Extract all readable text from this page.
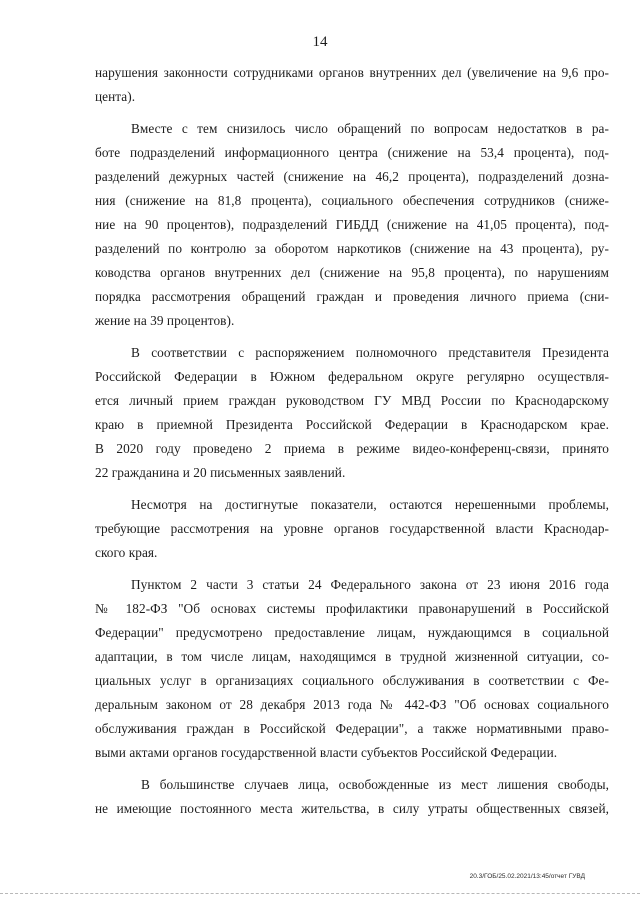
14
нарушения законности сотрудниками органов внутренних дел (увеличение на 9,6 про-
цента).
Вместе с тем снизилось число обращений по вопросам недостатков в ра-
боте подразделений информационного центра (снижение на 53,4 процента), под-
разделений дежурных частей (снижение на 46,2 процента), подразделений дозна-
ния (снижение на 81,8 процента), социального обеспечения сотрудников (сниже-
ние на 90 процентов), подразделений ГИБДД (снижение на 41,05 процента), под-
разделений по контролю за оборотом наркотиков (снижение на 43 процента), ру-
ководства органов внутренних дел (снижение на 95,8 процента), по нарушениям
порядка рассмотрения обращений граждан и проведения личного приема (сни-
жение на 39 процентов).
В соответствии с распоряжением полномочного представителя Президента
Российской Федерации в Южном федеральном округе регулярно осуществля-
ется личный прием граждан руководством ГУ МВД России по Краснодарскому
краю в приемной Президента Российской Федерации в Краснодарском крае.
В 2020 году проведено 2 приема в режиме видео-конференц-связи, принято
22 гражданина и 20 письменных заявлений.
Несмотря на достигнутые показатели, остаются нерешенными проблемы,
требующие рассмотрения на уровне органов государственной власти Краснодар-
ского края.
Пунктом 2 части 3 статьи 24 Федерального закона от 23 июня 2016 года
№ 182-ФЗ "Об основах системы профилактики правонарушений в Российской
Федерации" предусмотрено предоставление лицам, нуждающимся в социальной
адаптации, в том числе лицам, находящимся в трудной жизненной ситуации, со-
циальных услуг в организациях социального обслуживания в соответствии с Фе-
деральным законом от 28 декабря 2013 года № 442-ФЗ "Об основах социального
обслуживания граждан в Российской Федерации", а также нормативными право-
выми актами органов государственной власти субъектов Российской Федерации.
В большинстве случаев лица, освобожденные из мест лишения свободы,
не имеющие постоянного места жительства, в силу утраты общественных связей,
20.3/ГОБ/25.02.2021/13:45/отчет ГУВД
